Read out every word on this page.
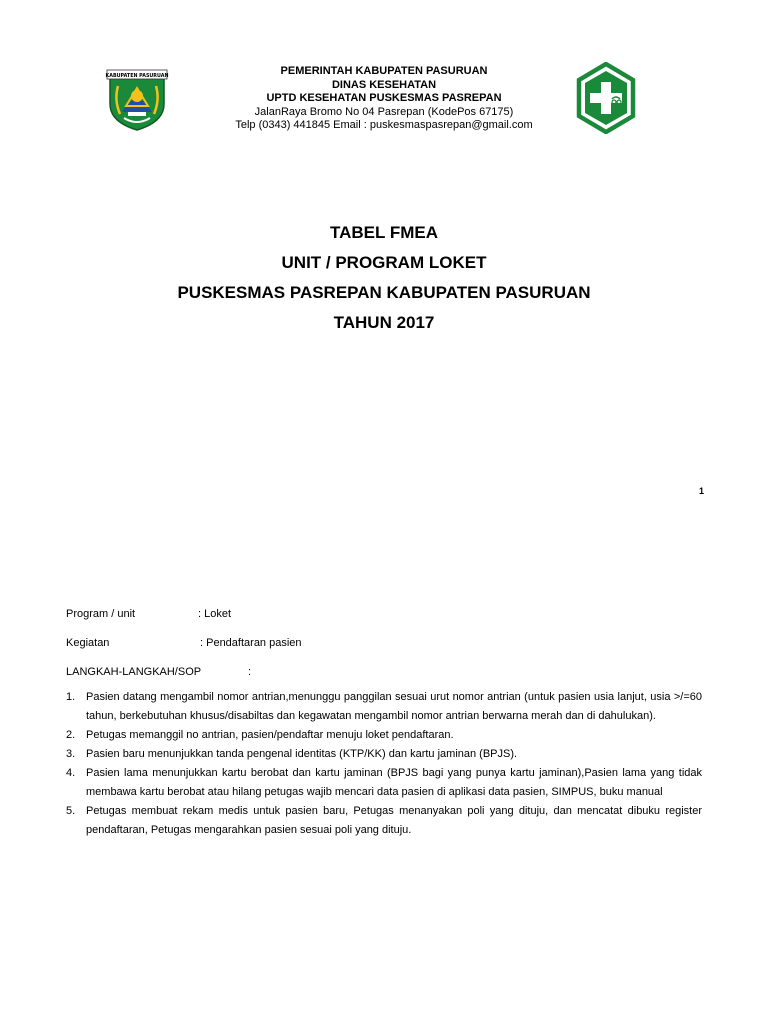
KABUPATEN PASURUAN	PEMERINTAH KABUPATEN PASURUAN
DINAS KESEHATAN
UPTD KESEHATAN PUSKESMAS PASREPAN
JalanRaya Bromo No 04 Pasrepan (KodePos 67175)
Telp (0343) 441845 Email : puskesmaspasrepan@gmail.com
TABEL FMEA
UNIT / PROGRAM LOKET
PUSKESMAS PASREPAN KABUPATEN PASURUAN
TAHUN 2017
1
Program / unit	: Loket
Kegiatan	: Pendaftaran pasien
LANGKAH-LANGKAH/SOP	:
1. Pasien datang mengambil nomor antrian,menunggu panggilan sesuai urut nomor antrian (untuk pasien usia lanjut, usia >/=60 tahun, berkebutuhan khusus/disabiltas dan kegawatan mengambil nomor antrian berwarna merah dan di dahulukan).
2. Petugas memanggil no antrian, pasien/pendaftar menuju loket pendaftaran.
3. Pasien baru menunjukkan tanda pengenal identitas (KTP/KK) dan kartu jaminan (BPJS).
4. Pasien lama menunjukkan kartu berobat dan kartu jaminan (BPJS bagi yang punya kartu jaminan),Pasien lama yang tidak membawa kartu berobat atau hilang petugas wajib mencari data pasien di aplikasi data pasien, SIMPUS, buku manual
5. Petugas membuat rekam medis untuk pasien baru, Petugas menanyakan poli yang dituju, dan mencatat dibuku register pendaftaran, Petugas mengarahkan pasien sesuai poli yang dituju.
